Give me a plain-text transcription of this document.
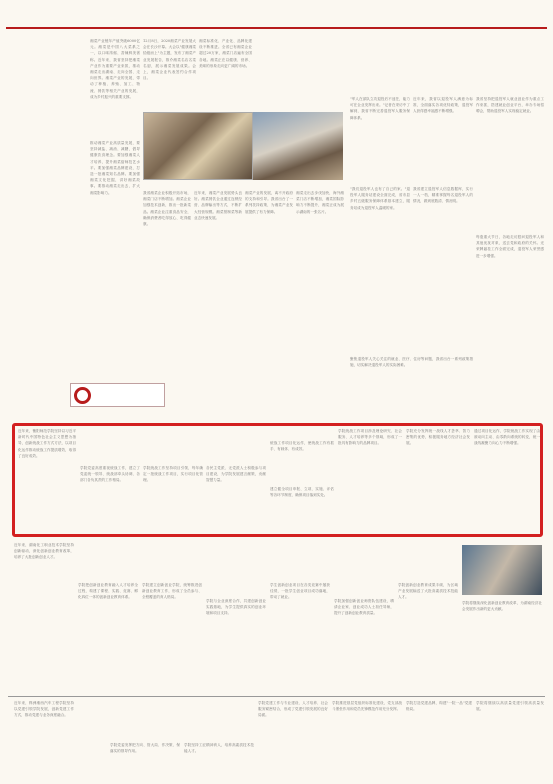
湘菜产业链年产值突破6000亿元。湘菜是中国八大菜系之一，以口味浓郁、香辣鲜美著称。近年来，我省坚持把湘菜产业作为重要产业来抓，推动湘菜走出湖南、走向全国、走向世界。湘菜产业的发展，带动了种植、养殖、加工、物流、餐饮等相关产业的发展，成为乡村振兴的重要支撑。
12月8日，2020湘菜产业发展大会在长沙开幕。大会以"健康湘菜 拾级而上"为主题，发布了湘菜产业发展报告，推介湘菜名店名菜名厨，展示湘菜发展成果。会上，湘菜企业代表签约合作项目。
湘菜标准化、产业化、品牌化建设不断推进。全省已有湘菜企业超过20万家，湘菜门店遍布全国各地。湘菜正在以健康、营养、美味的形象走向更广阔的市场。
推动湘菜产业高质量发展，要坚持减盐、减油、减糖，倡导健康饮食理念。要加强湘菜人才培养，提升湘菜厨师技艺水平。要加强湘菜品牌建设，打造一批湘菜知名品牌。要加强湘菜文化挖掘，讲好湘菜故事。要推动湘菜走出去，扩大湘菜影响力。	我省湘菜企业积极开拓市场，湘菜门店不断增加。湘菜企业加强技术创新，推出一批新菜品。湘菜企业注重食品安全，确保消费者吃得放心、吃得健康。
近年来，湘菜产业发展势头良好。湘菜餐饮企业通过连锁经营、品牌输出等方式，不断扩大经营规模。湘菜预制菜等新业态快速发展。
湘菜产业的发展，离不开政府的支持和引导。我省出台了一系列扶持政策，为湘菜产业发展提供了有力保障。
湘菜走出去步伐加快，海外湘菜门店不断增加，湘菜国际影响力不断提升，湘菜正成为展示湖南的一张名片。
"军人在部队立功退役后不迷茫，能力可在企业发挥出来。"记者在采访中了解到，我省不断完善退役军人服务保障体系。
近年来，我省以退役军人满意为标准，全面落实各项优待政策，退役军人获得感幸福感不断增强。
我省坚持把退役军人就业创业作为重点工作来抓，搭建就业创业平台，举办专场招聘会，帮助退役军人实现稳定就业。
"我们退役军人也有了自己的家。"退役军人服务站建设全面完成，省市县乡村五级服务保障体系基本建立，服务站成为退役军人温暖的家。
我省建立退役军人信息数据库，实行一人一档，精准掌握每名退役军人的情况，做到底数清、情况明。
每逢重大节日，各地走访慰问退役军人和其他优抚对象，送去党和政府的关怀。光荣牌悬挂工作全面完成，退役军人荣誉感进一步增强。
聚焦退役军人关心关注的就业、医疗、住房等问题，我省出台一系列政策措施，切实解决退役军人的实际困难。
近年来，衡阳师范学院坚持以习近平新时代中国特色社会主义思想为指导，创新统战工作方式方法，以项目化运作推动统战工作提质增效，取得了良好成效。
学院党委高度重视统战工作，建立了党委统一领导、统战部牵头协调、各部门各负其责的工作格局。
学院统战工作坚持项目引领，每年确定一批统战工作项目，实行项目化管理。
各民主党派、无党派人士积极参与项目建设，为学院发展建言献策，贡献智慧力量。
统战工作项目化运作，使统战工作有抓手、有载体、有成效。
建立健全项目申报、立项、实施、评估等各环节制度，确保项目落到实处。
学院统战工作项目涉及理论研究、社会服务、人才培养等多个领域，形成了一批具有影响力的品牌项目。
学院充分发挥统一战线人才荟萃、智力密集的优势，积极服务地方经济社会发展。
通过项目化运作，学院统战工作实现了由被动向主动、由零散向系统的转变，统一战线凝聚力向心力不断增强。
近年来，湖南化工职业技术学院坚持创新驱动，深化创新创业教育改革，培养了大批创新创业人才。
学院把创新创业教育融入人才培养全过程，构建了课程、实践、竞赛、孵化四位一体的创新创业教育体系。
学院建立创新创业学院，统筹推进创新创业教育工作，形成了全员参与、全程覆盖的育人格局。
学院与企业深度合作，共建创新创业实践基地，为学生提供真实的创业环境和项目支持。
学生创新创业项目在各类竞赛中屡获佳绩，一批学生创业项目成功落地，带动了就业。
学院加强创新创业师资队伍建设，聘请企业家、创业成功人士担任导师，提升了创新创业教育质量。
学院创新创业教育成果丰硕，为区域产业发展输送了大批高素质技术技能人才。
学院将继续深化创新创业教育改革，为湖南经济社会发展作出新的更大贡献。
近年来，株洲湘西汽车工程学院坚持以党建引领学院发展，创新党建工作方式，推动党建与业务深度融合。
学院党委发挥把方向、管大局、作决策、保落实的领导作用。
学院坚持工匠精神育人，培养高素质技术技能人才。
学院党建工作与专业建设、人才培养、社会服务紧密结合，形成了党建引领发展的良好局面。
学院推进基层党组织标准化建设，党支部战斗堡垒作用和党员先锋模范作用充分发挥。
学院打造党建品牌，构建"一院一品"党建格局。
学院将继续以高质量党建引领高质量发展。
